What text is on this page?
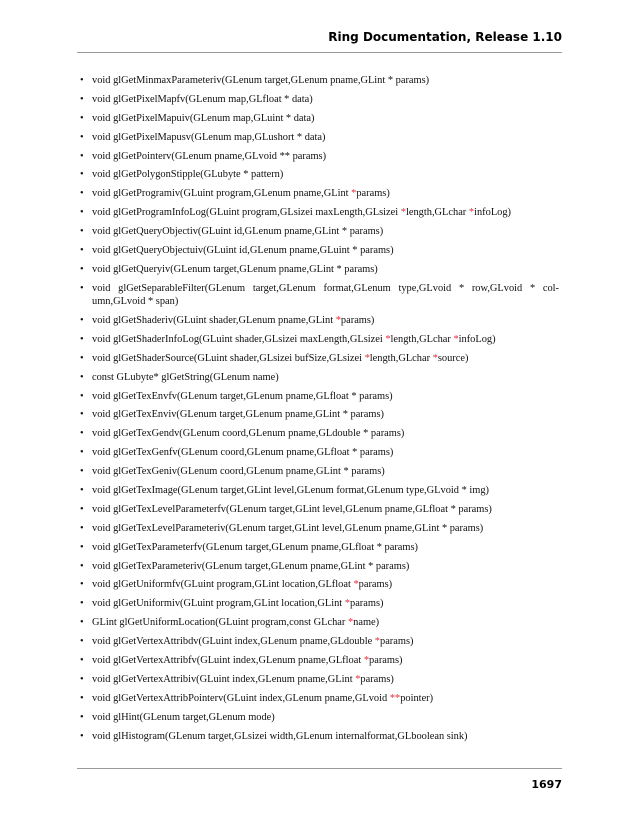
Ring Documentation, Release 1.10
• void glGetMinmaxParameteriv(GLenum target,GLenum pname,GLint * params)
• void glGetPixelMapfv(GLenum map,GLfloat * data)
• void glGetPixelMapuiv(GLenum map,GLuint * data)
• void glGetPixelMapusv(GLenum map,GLushort * data)
• void glGetPointerv(GLenum pname,GLvoid ** params)
• void glGetPolygonStipple(GLubyte * pattern)
• void glGetProgramiv(GLuint program,GLenum pname,GLint *params)
• void glGetProgramInfoLog(GLuint program,GLsizei maxLength,GLsizei *length,GLchar *infoLog)
• void glGetQueryObjectiv(GLuint id,GLenum pname,GLint * params)
• void glGetQueryObjectuiv(GLuint id,GLenum pname,GLuint * params)
• void glGetQueryiv(GLenum target,GLenum pname,GLint * params)
• void glGetSeparableFilter(GLenum target,GLenum format,GLenum type,GLvoid * row,GLvoid * col- umn,GLvoid * span)
• void glGetShaderiv(GLuint shader,GLenum pname,GLint *params)
• void glGetShaderInfoLog(GLuint shader,GLsizei maxLength,GLsizei *length,GLchar *infoLog)
• void glGetShaderSource(GLuint shader,GLsizei bufSize,GLsizei *length,GLchar *source)
• const GLubyte* glGetString(GLenum name)
• void glGetTexEnvfv(GLenum target,GLenum pname,GLfloat * params)
• void glGetTexEnviv(GLenum target,GLenum pname,GLint * params)
• void glGetTexGendv(GLenum coord,GLenum pname,GLdouble * params)
• void glGetTexGenfv(GLenum coord,GLenum pname,GLfloat * params)
• void glGetTexGeniv(GLenum coord,GLenum pname,GLint * params)
• void glGetTexImage(GLenum target,GLint level,GLenum format,GLenum type,GLvoid * img)
• void glGetTexLevelParameterfv(GLenum target,GLint level,GLenum pname,GLfloat * params)
• void glGetTexLevelParameteriv(GLenum target,GLint level,GLenum pname,GLint * params)
• void glGetTexParameterfv(GLenum target,GLenum pname,GLfloat * params)
• void glGetTexParameteriv(GLenum target,GLenum pname,GLint * params)
• void glGetUniformfv(GLuint program,GLint location,GLfloat *params)
• void glGetUniformiv(GLuint program,GLint location,GLint *params)
• GLint glGetUniformLocation(GLuint program,const GLchar *name)
• void glGetVertexAttribdv(GLuint index,GLenum pname,GLdouble *params)
• void glGetVertexAttribfv(GLuint index,GLenum pname,GLfloat *params)
• void glGetVertexAttribiv(GLuint index,GLenum pname,GLint *params)
• void glGetVertexAttribPointerv(GLuint index,GLenum pname,GLvoid **pointer)
• void glHint(GLenum target,GLenum mode)
• void glHistogram(GLenum target,GLsizei width,GLenum internalformat,GLboolean sink)
1697
